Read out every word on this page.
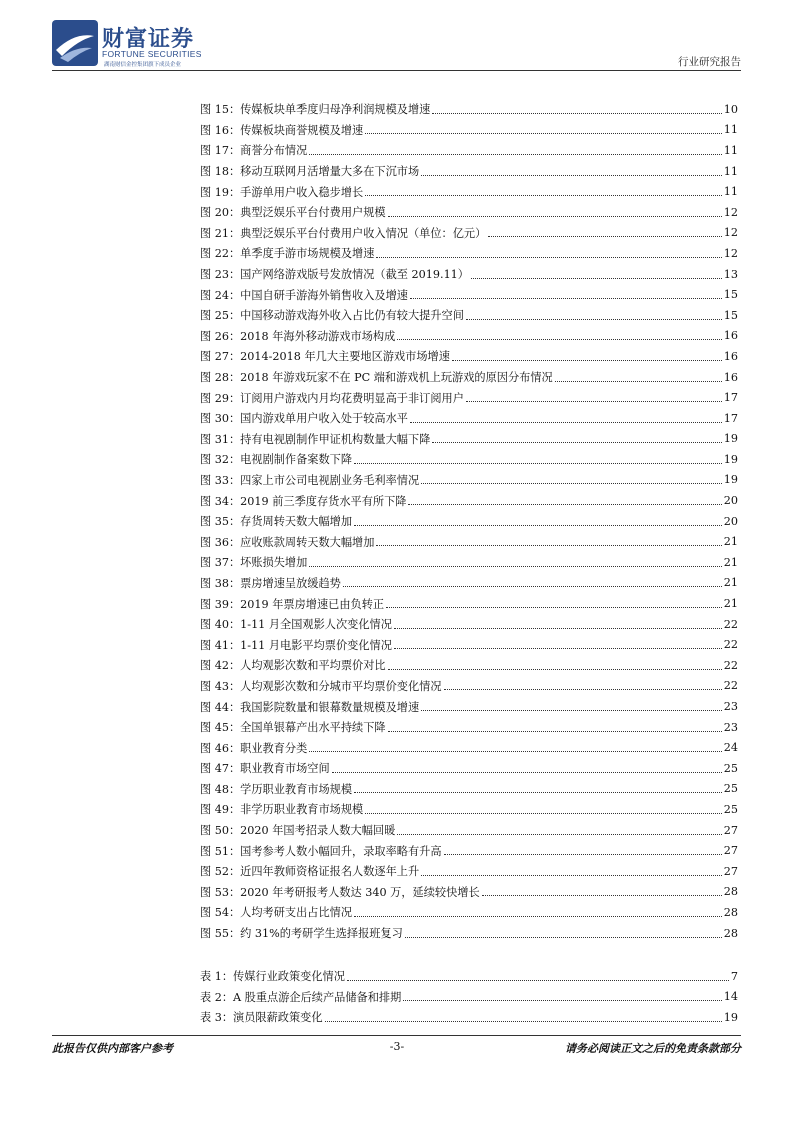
财富证券
FORTUNE SECURITIES
湖南财信金控集团旗下成员企业	行业研究报告
图 15：传媒板块单季度归母净利润规模及增速	10
图 16：传媒板块商誉规模及增速	11
图 17：商誉分布情况	11
图 18：移动互联网月活增量大多在下沉市场	11
图 19：手游单用户收入稳步增长	11
图 20：典型泛娱乐平台付费用户规模	12
图 21：典型泛娱乐平台付费用户收入情况（单位：亿元）	12
图 22：单季度手游市场规模及增速	12
图 23：国产网络游戏版号发放情况（截至 2019.11）	13
图 24：中国自研手游海外销售收入及增速	15
图 25：中国移动游戏海外收入占比仍有较大提升空间	15
图 26：2018 年海外移动游戏市场构成	16
图 27：2014-2018 年几大主要地区游戏市场增速	16
图 28：2018 年游戏玩家不在 PC 端和游戏机上玩游戏的原因分布情况	16
图 29：订阅用户游戏内月均花费明显高于非订阅用户	17
图 30：国内游戏单用户收入处于较高水平	17
图 31：持有电视剧制作甲证机构数量大幅下降	19
图 32：电视剧制作备案数下降	19
图 33：四家上市公司电视剧业务毛利率情况	19
图 34：2019 前三季度存货水平有所下降	20
图 35：存货周转天数大幅增加	20
图 36：应收账款周转天数大幅增加	21
图 37：坏账损失增加	21
图 38：票房增速呈放缓趋势	21
图 39：2019 年票房增速已由负转正	21
图 40：1-11 月全国观影人次变化情况	22
图 41：1-11 月电影平均票价变化情况	22
图 42：人均观影次数和平均票价对比	22
图 43：人均观影次数和分城市平均票价变化情况	22
图 44：我国影院数量和银幕数量规模及增速	23
图 45：全国单银幕产出水平持续下降	23
图 46：职业教育分类	24
图 47：职业教育市场空间	25
图 48：学历职业教育市场规模	25
图 49：非学历职业教育市场规模	25
图 50：2020 年国考招录人数大幅回暖	27
图 51：国考参考人数小幅回升，录取率略有升高	27
图 52：近四年教师资格证报名人数逐年上升	27
图 53：2020 年考研报考人数达 340 万，延续较快增长	28
图 54：人均考研支出占比情况	28
图 55：约 31%的考研学生选择报班复习	28
表 1：传媒行业政策变化情况	7
表 2：A 股重点游企后续产品储备和排期	14
表 3：演员限薪政策变化	19
此报告仅供内部客户参考	-3-	请务必阅读正文之后的免责条款部分
